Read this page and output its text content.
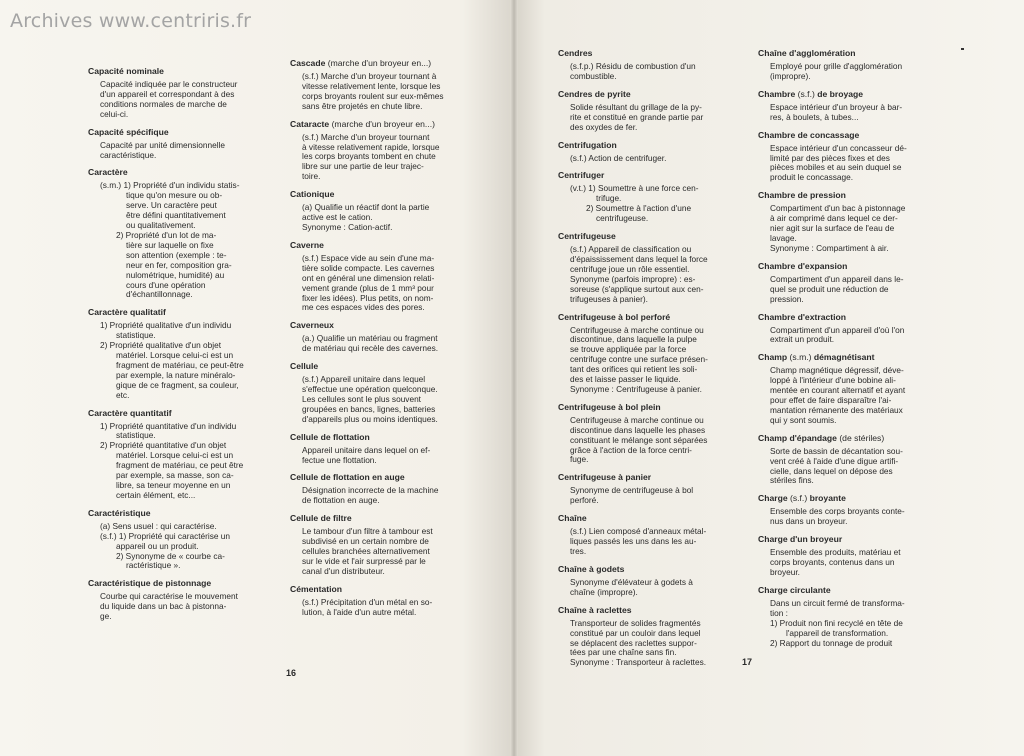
Archives www.centriris.fr
Capacité nominale
Capacité indiquée par le constructeur
d'un appareil et correspondant à des
conditions normales de marche de
celui-ci.
Capacité spécifique
Capacité par unité dimensionnelle
caractéristique.
Caractère
(s.m.) 1) Propriété d'un individu statis-
tique qu'on mesure ou ob-
serve. Un caractère peut
être défini quantitativement
ou qualitativement.
2) Propriété d'un lot de ma-
tière sur laquelle on fixe
son attention (exemple : te-
neur en fer, composition gra-
nulométrique, humidité) au
cours d'une opération
d'échantillonnage.
Caractère qualitatif
1) Propriété qualitative d'un individu
statistique.
2) Propriété qualitative d'un objet
matériel. Lorsque celui-ci est un
fragment de matériau, ce peut-être
par exemple, la nature minéralo-
gique de ce fragment, sa couleur,
etc.
Caractère quantitatif
1) Propriété quantitative d'un individu
statistique.
2) Propriété quantitative d'un objet
matériel. Lorsque celui-ci est un
fragment de matériau, ce peut être
par exemple, sa masse, son ca-
libre, sa teneur moyenne en un
certain élément, etc...
Caractéristique
(a) Sens usuel : qui caractérise.
(s.f.) 1) Propriété qui caractérise un
appareil ou un produit.
2) Synonyme de « courbe ca-
ractéristique ».
Caractéristique de pistonnage
Courbe qui caractérise le mouvement
du liquide dans un bac à pistonna-
ge.
Cascade (marche d'un broyeur en...)
(s.f.) Marche d'un broyeur tournant à
vitesse relativement lente, lorsque les
corps broyants roulent sur eux-mêmes
sans être projetés en chute libre.
Cataracte (marche d'un broyeur en...)
(s.f.) Marche d'un broyeur tournant
à vitesse relativement rapide, lorsque
les corps broyants tombent en chute
libre sur une partie de leur trajec-
toire.
Cationique
(a) Qualifie un réactif dont la partie
active est le cation.
Synonyme : Cation-actif.
Caverne
(s.f.) Espace vide au sein d'une ma-
tière solide compacte. Les cavernes
ont en général une dimension relati-
vement grande (plus de 1 mm³ pour
fixer les idées). Plus petits, on nom-
me ces espaces vides des pores.
Caverneux
(a.) Qualifie un matériau ou fragment
de matériau qui recèle des cavernes.
Cellule
(s.f.) Appareil unitaire dans lequel
s'effectue une opération quelconque.
Les cellules sont le plus souvent
groupées en bancs, lignes, batteries
d'appareils plus ou moins identiques.
Cellule de flottation
Appareil unitaire dans lequel on ef-
fectue une flottation.
Cellule de flottation en auge
Désignation incorrecte de la machine
de flottation en auge.
Cellule de filtre
Le tambour d'un filtre à tambour est
subdivisé en un certain nombre de
cellules branchées alternativement
sur le vide et l'air surpressé par le
canal d'un distributeur.
Cémentation
(s.f.) Précipitation d'un métal en so-
lution, à l'aide d'un autre métal.
Cendres
(s.f.p.) Résidu de combustion d'un
combustible.
Cendres de pyrite
Solide résultant du grillage de la py-
rite et constitué en grande partie par
des oxydes de fer.
Centrifugation
(s.f.) Action de centrifuger.
Centrifuger
(v.t.) 1) Soumettre à une force cen-
trifuge.
2) Soumettre à l'action d'une
centrifugeuse.
Centrifugeuse
(s.f.) Appareil de classification ou
d'épaississement dans lequel la force
centrifuge joue un rôle essentiel.
Synonyme (parfois impropre) : es-
soreuse (s'applique surtout aux cen-
trifugeuses à panier).
Centrifugeuse à bol perforé
Centrifugeuse à marche continue ou
discontinue, dans laquelle la pulpe
se trouve appliquée par la force
centrifuge contre une surface présen-
tant des orifices qui retient les soli-
des et laisse passer le liquide.
Synonyme : Centrifugeuse à panier.
Centrifugeuse à bol plein
Centrifugeuse à marche continue ou
discontinue dans laquelle les phases
constituant le mélange sont séparées
grâce à l'action de la force centri-
fuge.
Centrifugeuse à panier
Synonyme de centrifugeuse à bol
perforé.
Chaîne
(s.f.) Lien composé d'anneaux métal-
liques passés les uns dans les au-
tres.
Chaîne à godets
Synonyme d'élévateur à godets à
chaîne (impropre).
Chaîne à raclettes
Transporteur de solides fragmentés
constitué par un couloir dans lequel
se déplacent des raclettes suppor-
tées par une chaîne sans fin.
Synonyme : Transporteur à raclettes.
Chaîne d'agglomération
Employé pour grille d'agglomération
(impropre).
Chambre (s.f.) de broyage
Espace intérieur d'un broyeur à bar-
res, à boulets, à tubes...
Chambre de concassage
Espace intérieur d'un concasseur dé-
limité par des pièces fixes et des
pièces mobiles et au sein duquel se
produit le concassage.
Chambre de pression
Compartiment d'un bac à pistonnage
à air comprimé dans lequel ce der-
nier agit sur la surface de l'eau de
lavage.
Synonyme : Compartiment à air.
Chambre d'expansion
Compartiment d'un appareil dans le-
quel se produit une réduction de
pression.
Chambre d'extraction
Compartiment d'un appareil d'où l'on
extrait un produit.
Champ (s.m.) démagnétisant
Champ magnétique dégressif, déve-
loppé à l'intérieur d'une bobine ali-
mentée en courant alternatif et ayant
pour effet de faire disparaître l'ai-
mantation rémanente des matériaux
qui y sont soumis.
Champ d'épandage (de stériles)
Sorte de bassin de décantation sou-
vent créé à l'aide d'une digue artifi-
cielle, dans lequel on dépose des
stériles fins.
Charge (s.f.) broyante
Ensemble des corps broyants conte-
nus dans un broyeur.
Charge d'un broyeur
Ensemble des produits, matériau et
corps broyants, contenus dans un
broyeur.
Charge circulante
Dans un circuit fermé de transforma-
tion :
1) Produit non fini recyclé en tête de
l'appareil de transformation.
2) Rapport du tonnage de produit
16
17
